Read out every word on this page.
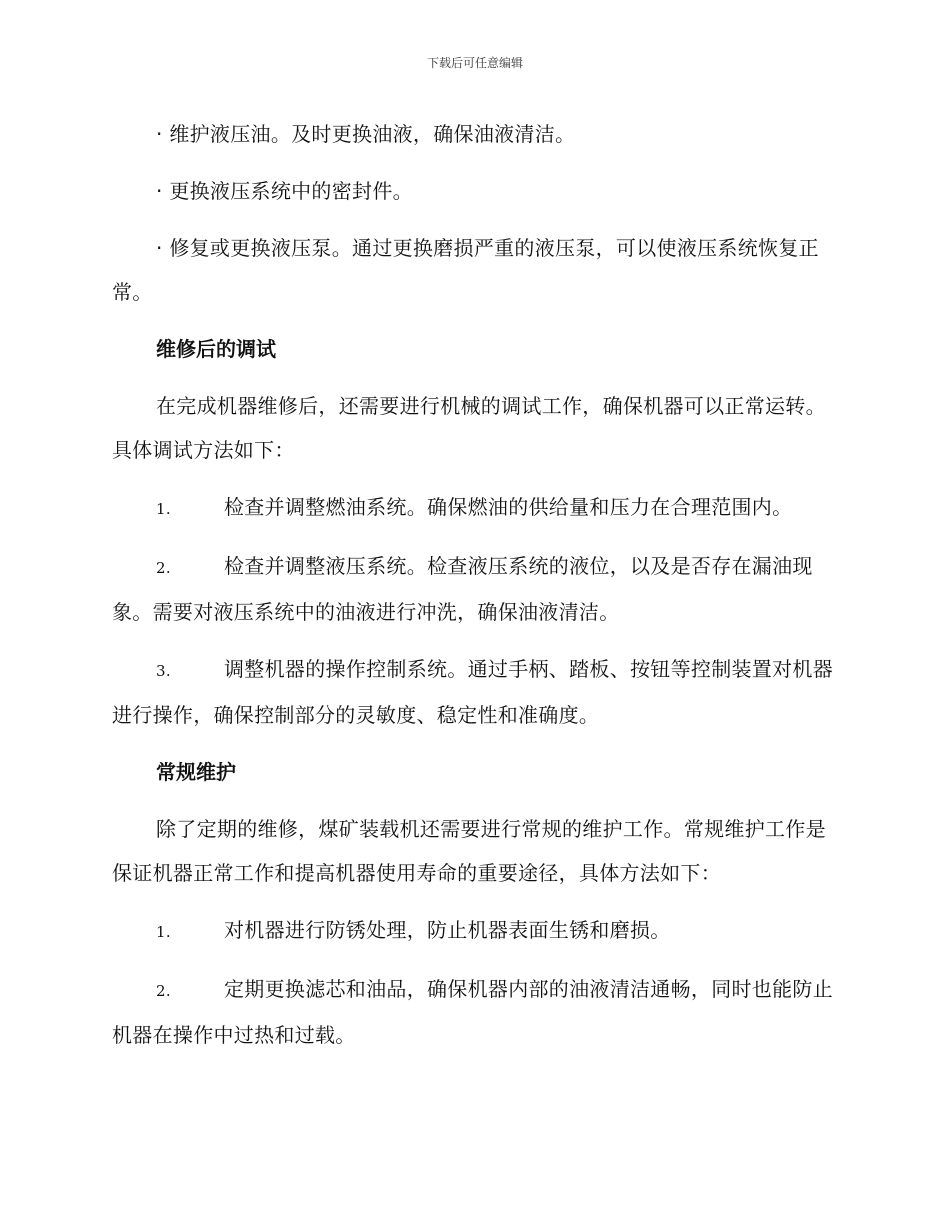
下载后可任意编辑

· 维护液压油。及时更换油液，确保油液清洁。

· 更换液压系统中的密封件。

· 修复或更换液压泵。通过更换磨损严重的液压泵，可以使液压系统恢复正常。

维修后的调试

在完成机器维修后，还需要进行机械的调试工作，确保机器可以正常运转。具体调试方法如下：

1.	检查并调整燃油系统。确保燃油的供给量和压力在合理范围内。

2.	检查并调整液压系统。检查液压系统的液位，以及是否存在漏油现象。需要对液压系统中的油液进行冲洗，确保油液清洁。

3.	调整机器的操作控制系统。通过手柄、踏板、按钮等控制装置对机器进行操作，确保控制部分的灵敏度、稳定性和准确度。

常规维护

除了定期的维修，煤矿装载机还需要进行常规的维护工作。常规维护工作是保证机器正常工作和提高机器使用寿命的重要途径，具体方法如下：

1.	对机器进行防锈处理，防止机器表面生锈和磨损。

2.	定期更换滤芯和油品，确保机器内部的油液清洁通畅，同时也能防止机器在操作中过热和过载。
